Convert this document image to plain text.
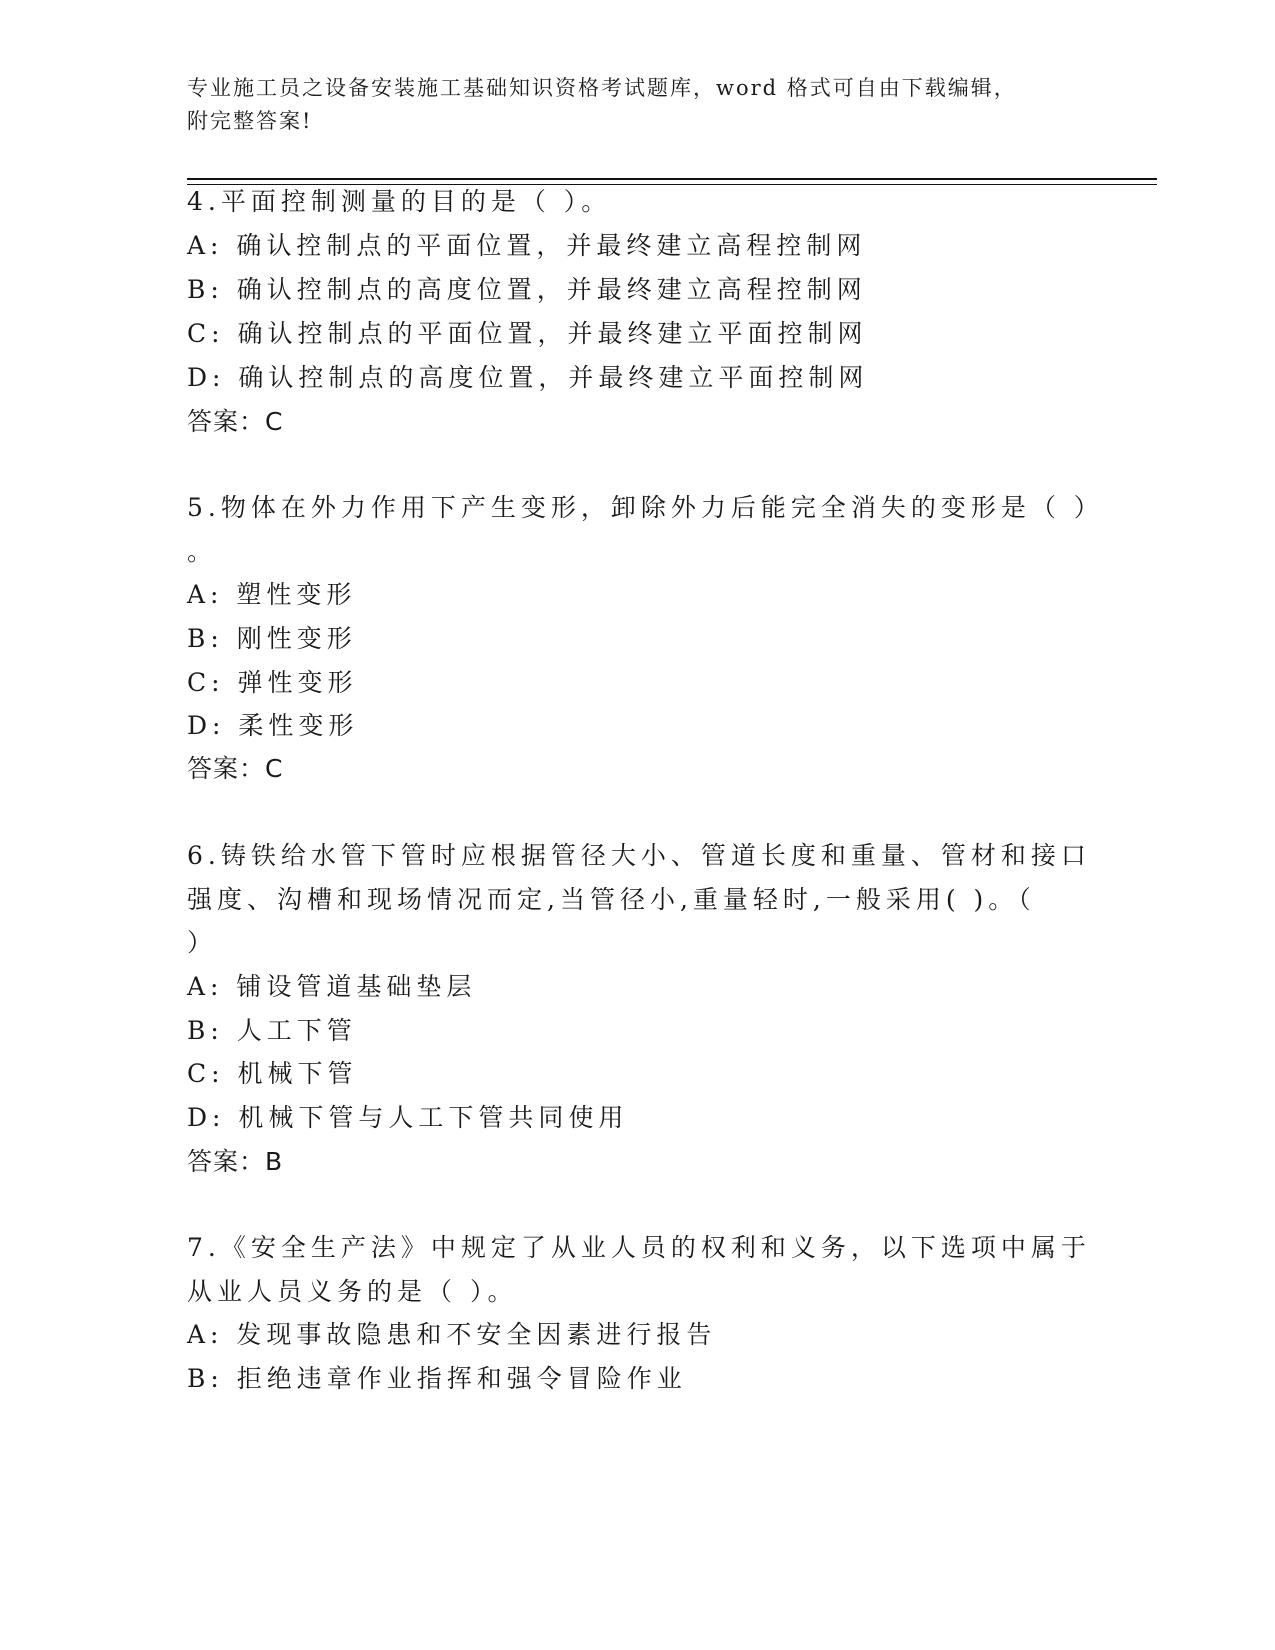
专业施工员之设备安装施工基础知识资格考试题库，word 格式可自由下载编辑，
附完整答案!
4.平面控制测量的目的是（ ）。
A: 确认控制点的平面位置，并最终建立高程控制网
B: 确认控制点的高度位置，并最终建立高程控制网
C: 确认控制点的平面位置，并最终建立平面控制网
D: 确认控制点的高度位置，并最终建立平面控制网
答案：C
5.物体在外力作用下产生变形，卸除外力后能完全消失的变形是（ ）
。
A: 塑性变形
B: 刚性变形
C: 弹性变形
D: 柔性变形
答案：C
6.铸铁给水管下管时应根据管径大小、管道长度和重量、管材和接口
强度、沟槽和现场情况而定,当管径小,重量轻时,一般采用( )。（
）
A: 铺设管道基础垫层
B: 人工下管
C: 机械下管
D: 机械下管与人工下管共同使用
答案：B
7.《安全生产法》中规定了从业人员的权利和义务，以下选项中属于
从业人员义务的是（ ）。
A: 发现事故隐患和不安全因素进行报告
B: 拒绝违章作业指挥和强令冒险作业
